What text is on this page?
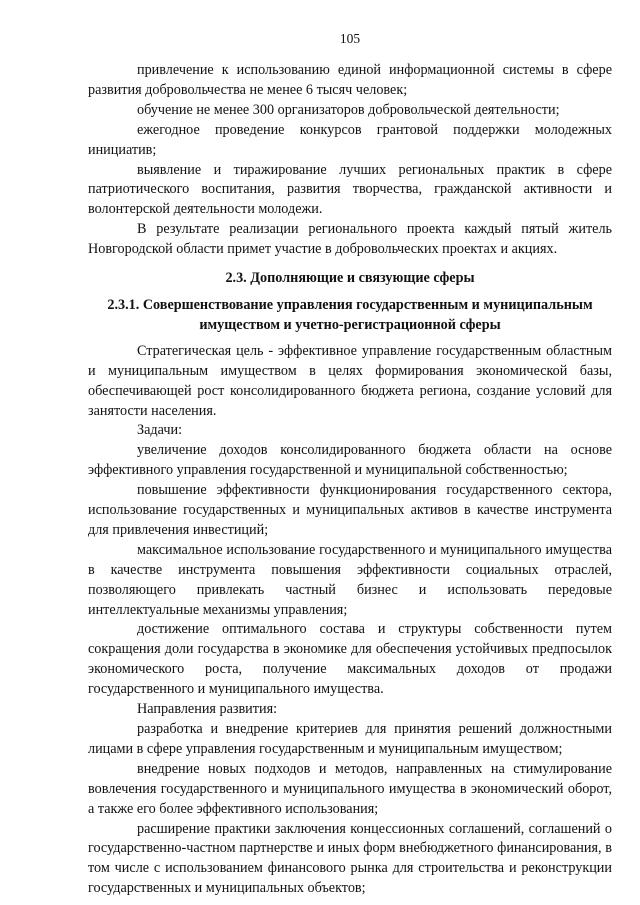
105

привлечение к использованию единой информационной системы в сфере развития добровольчества не менее 6 тысяч человек;

обучение не менее 300 организаторов добровольческой деятельности;

ежегодное проведение конкурсов грантовой поддержки молодежных инициатив;

выявление и тиражирование лучших региональных практик в сфере патриотического воспитания, развития творчества, гражданской активности и волонтерской деятельности молодежи.

В результате реализации регионального проекта каждый пятый житель Новгородской области примет участие в добровольческих проектах и акциях.

2.3. Дополняющие и связующие сферы

2.3.1. Совершенствование управления государственным и муниципальным имуществом и учетно-регистрационной сферы

Стратегическая цель - эффективное управление государственным областным и муниципальным имуществом в целях формирования экономической базы, обеспечивающей рост консолидированного бюджета региона, создание условий для занятости населения.

Задачи:

увеличение доходов консолидированного бюджета области на основе эффективного управления государственной и муниципальной собственностью;

повышение эффективности функционирования государственного сектора, использование государственных и муниципальных активов в качестве инструмента для привлечения инвестиций;

максимальное использование государственного и муниципального имущества в качестве инструмента повышения эффективности социальных отраслей, позволяющего привлекать частный бизнес и использовать передовые интеллектуальные механизмы управления;

достижение оптимального состава и структуры собственности путем сокращения доли государства в экономике для обеспечения устойчивых предпосылок экономического роста, получение максимальных доходов от продажи государственного и муниципального имущества.

Направления развития:

разработка и внедрение критериев для принятия решений должностными лицами в сфере управления государственным и муниципальным имуществом;

внедрение новых подходов и методов, направленных на стимулирование вовлечения государственного и муниципального имущества в экономический оборот, а также его более эффективного использования;

расширение практики заключения концессионных соглашений, соглашений о государственно-частном партнерстве и иных форм внебюджетного финансирования, в том числе с использованием финансового рынка для строительства и реконструкции государственных и муниципальных объектов;
